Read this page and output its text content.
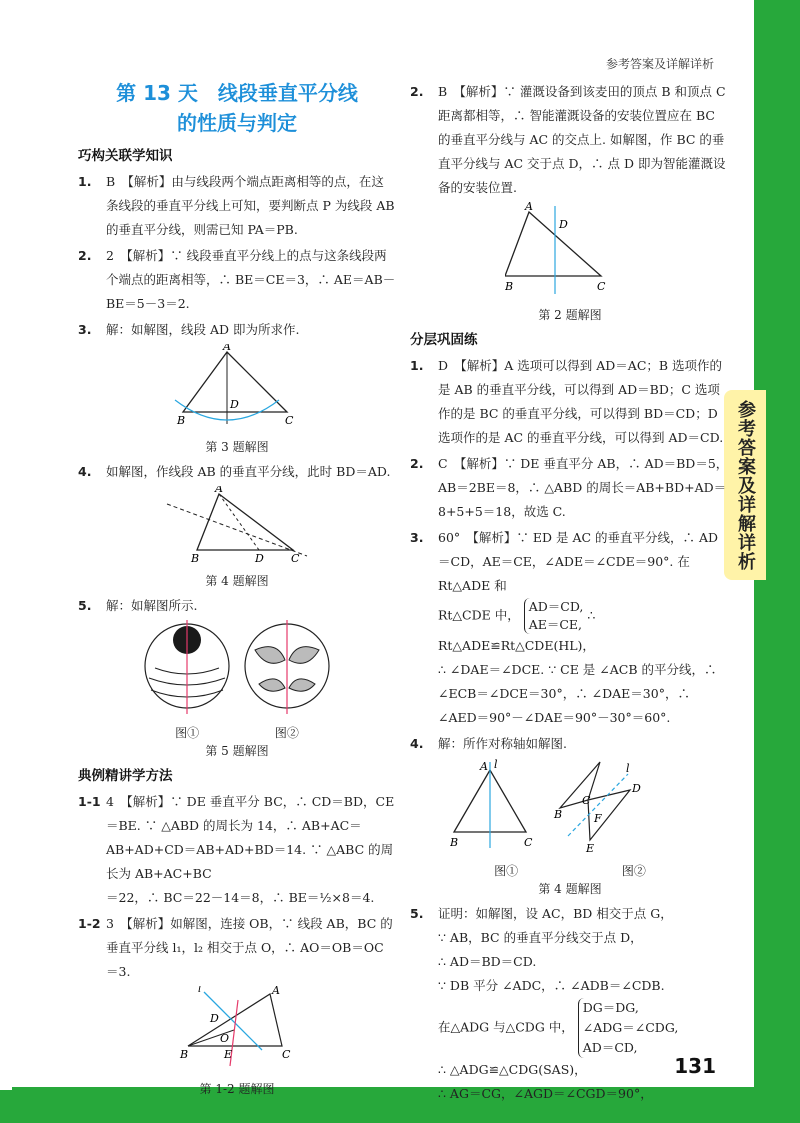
参考答案及详解详析
参考答案及详解详析
131
第 13 天　线段垂直平分线
的性质与判定
巧构关联学知识
1. B　【解析】由与线段两个端点距离相等的点，在这条线段的垂直平分线上可知，要判断点 P 为线段 AB 的垂直平分线，则需已知 PA＝PB.
2. 2　【解析】∵ 线段垂直平分线上的点与这条线段两个端点的距离相等，∴ BE＝CE＝3，∴ AE＝AB－BE＝5－3＝2.
3. 解：如解图，线段 AD 即为所求作.
A
B	C
D
第 3 题解图
4. 如解图，作线段 AB 的垂直平分线，此时 BD＝AD.
A
B	D C
第 4 题解图
5. 解：如解图所示.
图①	图②
第 5 题解图
典例精讲学方法
1-1 4　【解析】∵ DE 垂直平分 BC，∴ CD＝BD，CE＝BE. ∵ △ABD 的周长为 14，∴ AB+AC＝AB+AD+CD＝AB+AD+BD＝14. ∵ △ABC 的周长为 AB+AC+BC
＝22，∴ BC＝22－14＝8，∴ BE＝½×8＝4.
1-2 3　【解析】如解图，连接 OB，∵ 线段 AB，BC 的垂直平分线 l₁，l₂ 相交于点 O，∴ AO＝OB＝OC＝3.
l	A
D
O
B	E	C
第 1-2 题解图
2. B　【解析】∵ 灌溉设备到该麦田的顶点 B 和顶点 C 距离都相等，∴ 智能灌溉设备的安装位置应在 BC 的垂直平分线与 AC 的交点上. 如解图，作 BC 的垂直平分线与 AC 交于点 D，∴ 点 D 即为智能灌溉设备的安装位置.
A
D
B	C
第 2 题解图
分层巩固练
1. D　【解析】A 选项可以得到 AD＝AC；B 选项作的是 AB 的垂直平分线，可以得到 AD＝BD；C 选项作的是 BC 的垂直平分线，可以得到 BD＝CD；D 选项作的是 AC 的垂直平分线，可以得到 AD＝CD.
2. C　【解析】∵ DE 垂直平分 AB，∴ AD＝BD＝5，AB＝2BE＝8，∴ △ABD 的周长＝AB+BD+AD＝8+5+5＝18，故选 C.
3. 60°　【解析】∵ ED 是 AC 的垂直平分线，∴ AD＝CD，AE＝CE，∠ADE＝∠CDE＝90°. 在 Rt△ADE 和
Rt△CDE 中，
AD＝CD,
AE＝CE,
∴ Rt△ADE≌Rt△CDE(HL)，
∴ ∠DAE＝∠DCE. ∵ CE 是 ∠ACB 的平分线，∴ ∠ECB＝∠DCE＝30°，∴ ∠DAE＝30°，∴ ∠AED＝90°－∠DAE＝90°－30°＝60°.
4. 解：所作对称轴如解图.
A l
B	C
B
C
F
E
D
l
图①	图②
第 4 题解图
5. 证明：如解图，设 AC，BD 相交于点 G，
∵ AB，BC 的垂直平分线交于点 D，
∴ AD＝BD＝CD.
∵ DB 平分 ∠ADC，∴ ∠ADB＝∠CDB.
在△ADG 与△CDG 中，
DG＝DG,
∠ADG＝∠CDG,
AD＝CD,
∴ △ADG≌△CDG(SAS)，
∴ AG＝CG，∠AGD＝∠CGD＝90°，
